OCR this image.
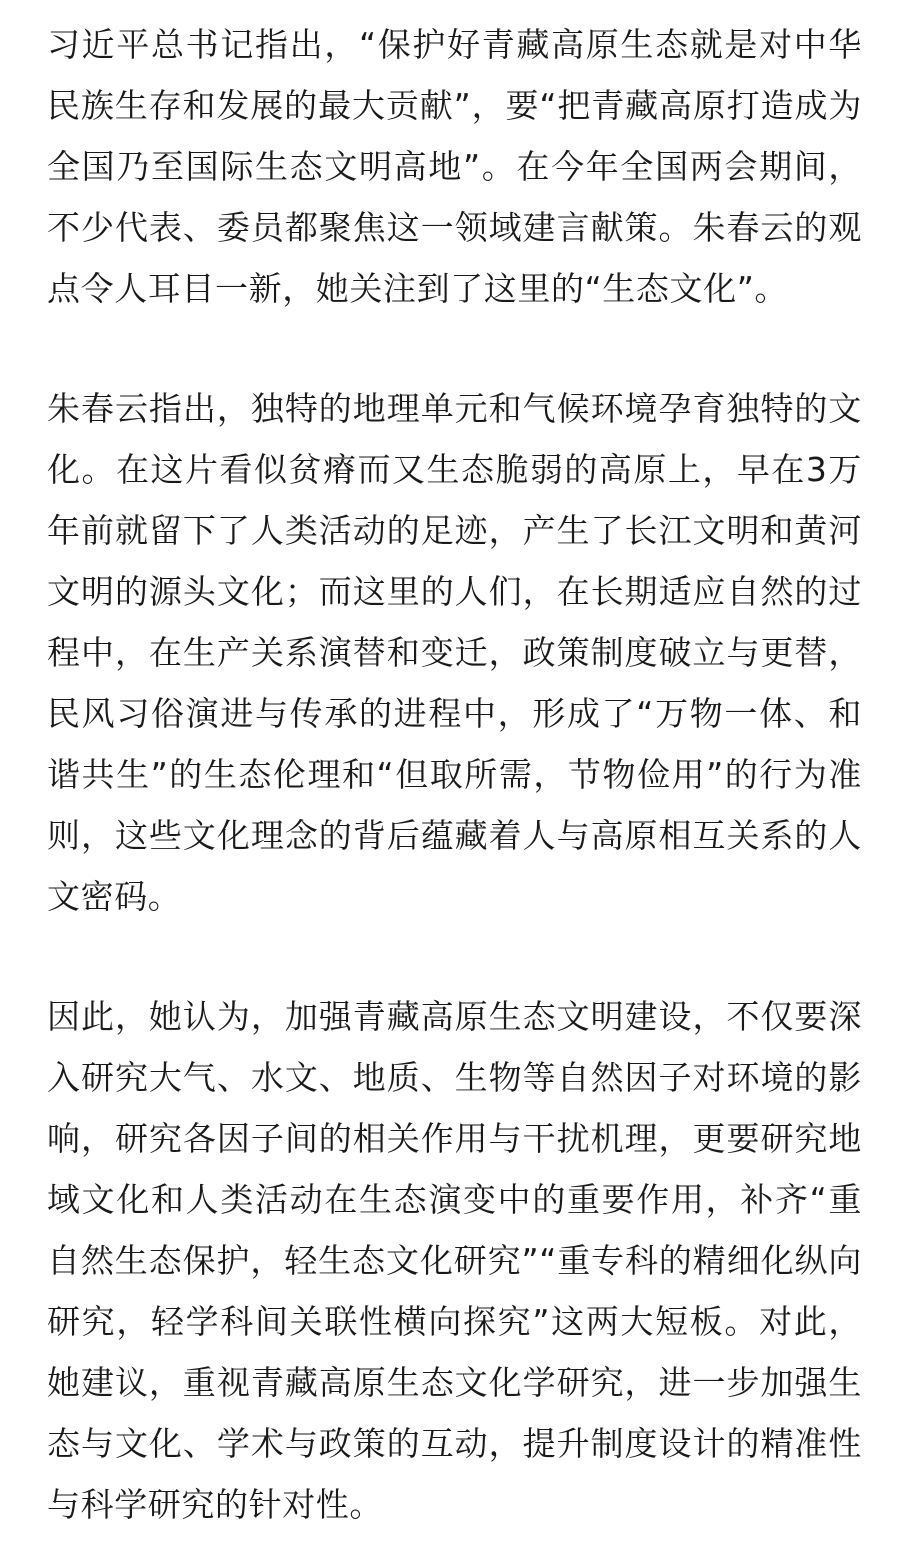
习近平总书记指出，“保护好青藏高原生态就是对中华民族生存和发展的最大贡献”，要“把青藏高原打造成为全国乃至国际生态文明高地”。在今年全国两会期间，不少代表、委员都聚焦这一领域建言献策。朱春云的观点令人耳目一新，她关注到了这里的“生态文化”。

朱春云指出，独特的地理单元和气候环境孕育独特的文化。在这片看似贫瘠而又生态脆弱的高原上，早在3万年前就留下了人类活动的足迹，产生了长江文明和黄河文明的源头文化；而这里的人们，在长期适应自然的过程中，在生产关系演替和变迁，政策制度破立与更替，民风习俗演进与传承的进程中，形成了“万物一体、和谐共生”的生态伦理和“但取所需，节物俭用”的行为准则，这些文化理念的背后蕴藏着人与高原相互关系的人文密码。

因此，她认为，加强青藏高原生态文明建设，不仅要深入研究大气、水文、地质、生物等自然因子对环境的影响，研究各因子间的相关作用与干扰机理，更要研究地域文化和人类活动在生态演变中的重要作用，补齐“重自然生态保护，轻生态文化研究”“重专科的精细化纵向研究，轻学科间关联性横向探究”这两大短板。对此，她建议，重视青藏高原生态文化学研究，进一步加强生态与文化、学术与政策的互动，提升制度设计的精准性与科学研究的针对性。
